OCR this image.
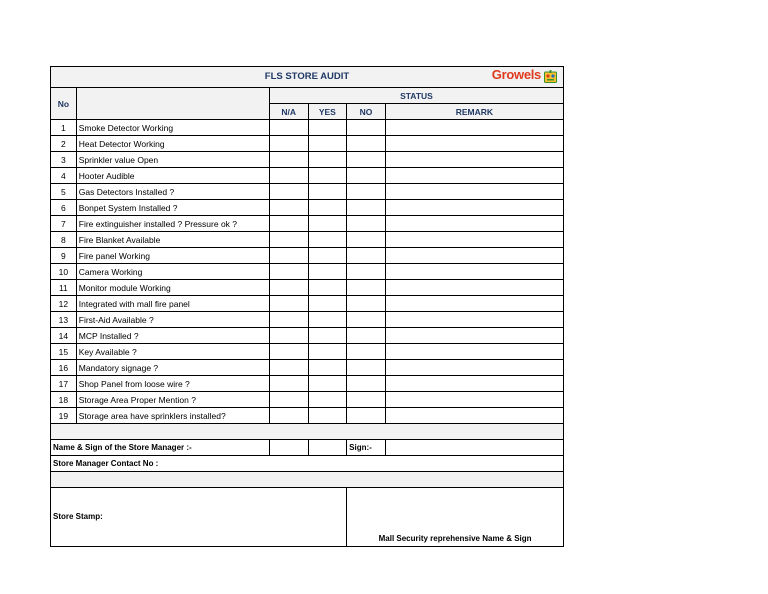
FLS STORE AUDIT Growels					

No		STATUS			
		N/A	YES	NO	REMARK
1	Smoke Detector Working				
2	Heat Detector Working				
3	Sprinkler value Open				
4	Hooter Audible				
5	Gas Detectors Installed ?				
6	Bonpet System Installed ?				
7	Fire extinguisher installed ? Pressure ok ?				
8	Fire Blanket Available				
9	Fire panel Working				
10	Camera Working				
11	Monitor module Working				
12	Integrated with mall fire panel				
13	First-Aid Available ?				
14	MCP Installed ?				
15	Key Available ?				
16	Mandatory signage ?				
17	Shop Panel from loose wire ?				
18	Storage Area Proper Mention ?				
19	Storage area have sprinklers installed?				

Name & Sign of the Store Manager :-				Sign:-	
Store Manager Contact No :					

Store Stamp:				Mall Security reprehensive Name & Sign	
